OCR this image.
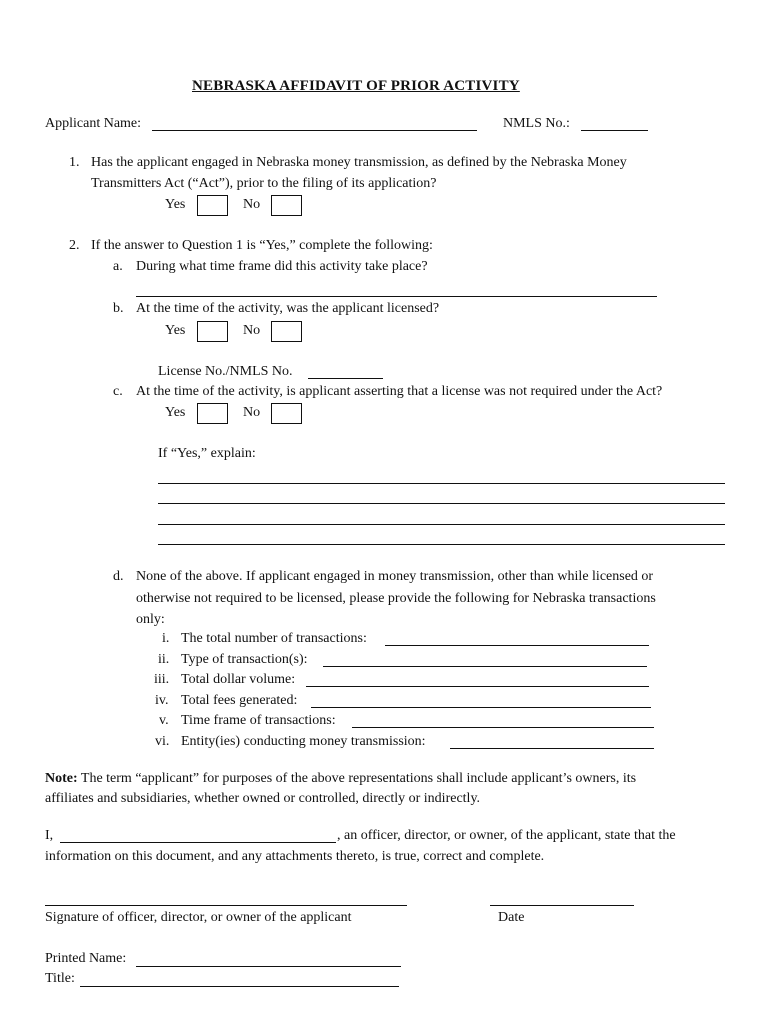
NEBRASKA AFFIDAVIT OF PRIOR ACTIVITY
Applicant Name:	NMLS No.:
1. Has the applicant engaged in Nebraska money transmission, as defined by the Nebraska Money
Transmitters Act (“Act”), prior to the filing of its application?
Yes	No
2. If the answer to Question 1 is “Yes,” complete the following:
a. During what time frame did this activity take place?
b. At the time of the activity, was the applicant licensed?
Yes	No
License No./NMLS No.
c. At the time of the activity, is applicant asserting that a license was not required under the Act?
Yes	No
If “Yes,” explain:
d. None of the above. If applicant engaged in money transmission, other than while licensed or
otherwise not required to be licensed, please provide the following for Nebraska transactions
only:
i. The total number of transactions:
ii. Type of transaction(s):
iii. Total dollar volume:
iv. Total fees generated:
v. Time frame of transactions:
vi. Entity(ies) conducting money transmission:
Note: The term “applicant” for purposes of the above representations shall include applicant’s owners, its
affiliates and subsidiaries, whether owned or controlled, directly or indirectly.
I,	, an officer, director, or owner, of the applicant, state that the
information on this document, and any attachments thereto, is true, correct and complete.
Signature of officer, director, or owner of the applicant	Date
Printed Name:
Title:
